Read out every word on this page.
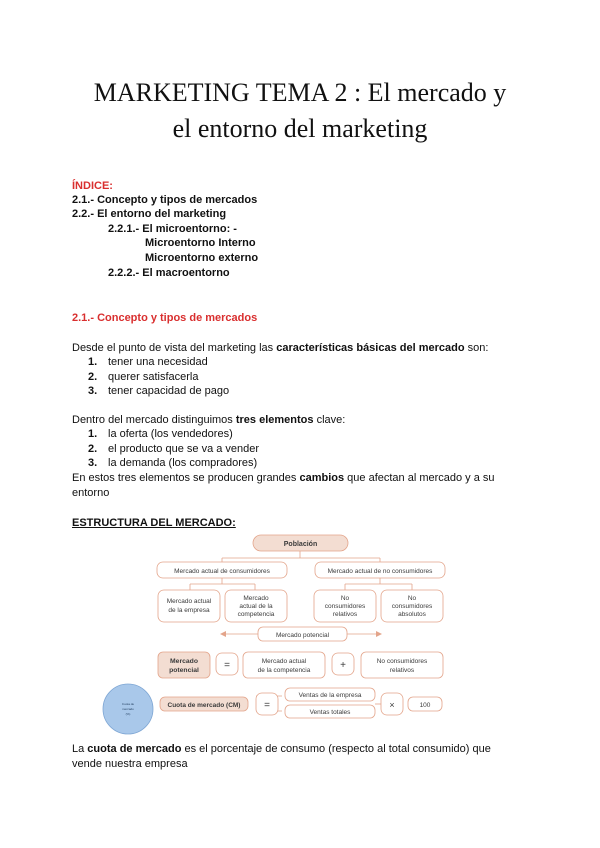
MARKETING TEMA 2 : El mercado y
el entorno del marketing
ÍNDICE:
2.1.- Concepto y tipos de mercados
2.2.- El entorno del marketing
2.2.1.- El microentorno: -
Microentorno Interno
Microentorno externo
2.2.2.- El macroentorno
2.1.- Concepto y tipos de mercados
Desde el punto de vista del marketing las características básicas del mercado son:
1. tener una necesidad
2. querer satisfacerla
3. tener capacidad de pago
Dentro del mercado distinguimos tres elementos clave:
1. la oferta (los vendedores)
2. el producto que se va a vender
3. la demanda (los compradores)
En estos tres elementos se producen grandes cambios que afectan al mercado y a su
entorno
ESTRUCTURA DEL MERCADO:
Población
Mercado actual de consumidores	Mercado actual de no consumidores
Mercado actual
de la empresa
Mercado
actual de la
competencia
No
consumidores
relativos
No
consumidores
absolutos
Mercado potencial
Mercado
potencial	=	Mercado actual
de la competencia	+	No consumidores
relativos
Cuota de
mercado
(%)
Cuota de mercado (CM) =
Ventas de la empresa
Ventas totales
×	100
La cuota de mercado es el porcentaje de consumo (respecto al total consumido) que
vende nuestra empresa
